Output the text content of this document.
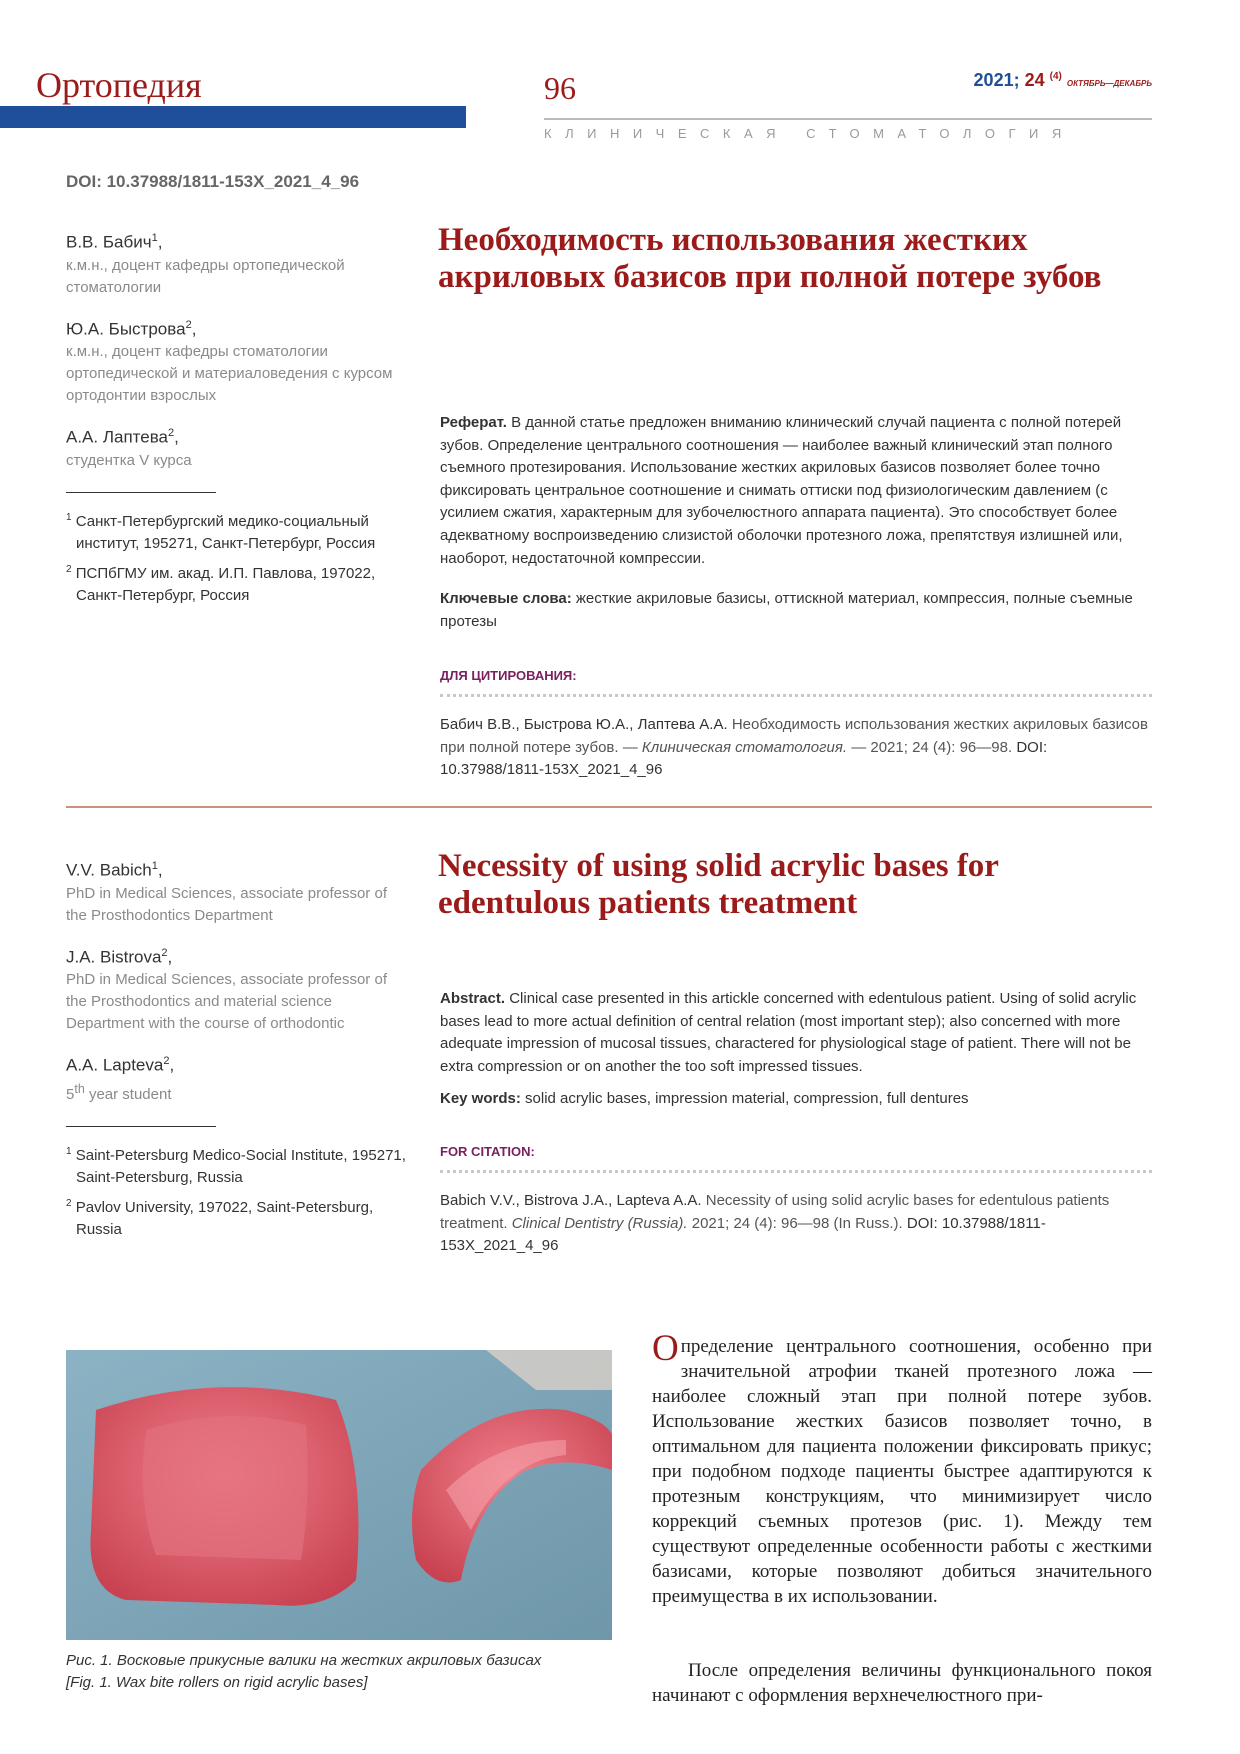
Ортопедия	96	2021; 24 $^{(4)}$ ОКТЯБРЬ—ДЕКАБРЬ
КЛИНИЧЕСКАЯ СТОМАТОЛОГИЯ
DOI: 10.37988/1811-153X_2021_4_96

В.В. Бабич$^1$,

к.м.н., доцент кафедры ортопедической стоматологии

Ю.А. Быстрова$^2$,

к.м.н., доцент кафедры стоматологии ортопедической и материаловедения с курсом ортодонтии взрослых

А.А. Лаптева$^2$,

студентка V курса

$^1$ Санкт-Петербургский медико-социальный институт, 195271, Санкт-Петербург, Россия

$^2$ ПСПбГМУ им. акад. И.П. Павлова, 197022, Санкт-Петербург, Россия

Необходимость использования жестких акриловых базисов при полной потере зубов

Реферат. В данной статье предложен вниманию клинический случай пациента с полной потерей зубов. Определение центрального соотношения — наиболее важный клинический этап полного съемного протезирования. Использование жестких акриловых базисов позволяет более точно фиксировать центральное соотношение и снимать оттиски под физиологическим давлением (с усилием сжатия, характерным для зубочелюстного аппарата пациента). Это способствует более адекватному воспроизведению слизистой оболочки протезного ложа, препятствуя излишней или, наоборот, недостаточной компрессии.

Ключевые слова: жесткие акриловые базисы, оттискной материал, компрессия, полные съемные протезы

ДЛЯ ЦИТИРОВАНИЯ:

Бабич В.В., Быстрова Ю.А., Лаптева А.А. Необходимость использования жестких акриловых базисов при полной потере зубов. — Клиническая стоматология. — 2021; 24 (4): 96—98. DOI: 10.37988/1811-153X_2021_4_96

V.V. Babich$^1$,

PhD in Medical Sciences, associate professor of the Prosthodontics Department

J.A. Bistrova$^2$,

PhD in Medical Sciences, associate professor of the Prosthodontics and material science Department with the course of orthodontic

A.A. Lapteva$^2$,

5th year student

$^1$ Saint-Petersburg Medico-Social Institute, 195271, Saint-Petersburg, Russia

$^2$ Pavlov University, 197022, Saint-Petersburg, Russia

Necessity of using solid acrylic bases for edentulous patients treatment

Abstract. Clinical case presented in this artickle concerned with edentulous patient. Using of solid acrylic bases lead to more actual definition of central relation (most important step); also concerned with more adequate impression of mucosal tissues, charactered for physiological stage of patient. There will not be extra compression or on another the too soft impressed tissues.

Key words: solid acrylic bases, impression material, compression, full dentures

FOR CITATION:

Babich V.V., Bistrova J.A., Lapteva A.A. Necessity of using solid acrylic bases for edentulous patients treatment. Clinical Dentistry (Russia). 2021; 24 (4): 96—98 (In Russ.). DOI: 10.37988/1811-153X_2021_4_96

Рис. 1. Восковые прикусные валики на жестких акриловых базисах
[Fig. 1. Wax bite rollers on rigid acrylic bases]

Определение центрального соотношения, особенно при значительной атрофии тканей протезного ложа — наиболее сложный этап при полной потере зубов. Использование жестких базисов позволяет точно, в оптимальном для пациента положении фиксировать прикус; при подобном подходе пациенты быстрее адаптируются к протезным конструкциям, что минимизирует число коррекций съемных протезов (рис. 1). Между тем существуют определенные особенности работы с жесткими базисами, которые позволяют добиться значительного преимущества в их использовании.

После определения величины функционального покоя начинают с оформления верхнечелюстного при-
